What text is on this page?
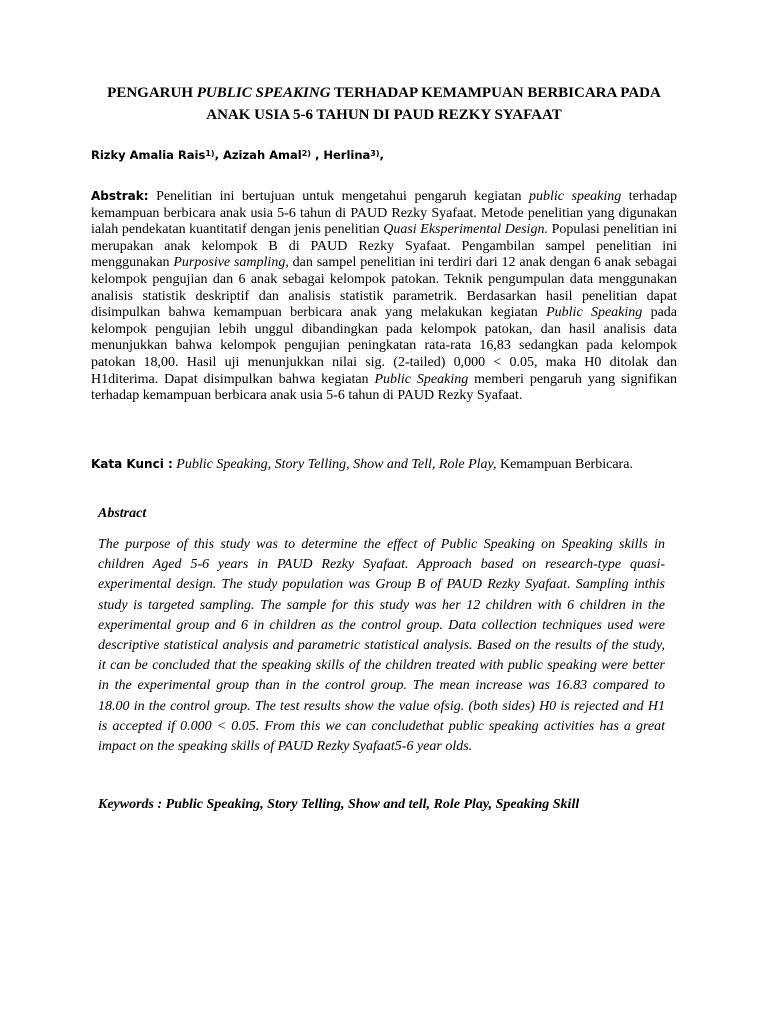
PENGARUH PUBLIC SPEAKING TERHADAP KEMAMPUAN BERBICARA PADA
ANAK USIA 5-6 TAHUN DI PAUD REZKY SYAFAAT
Rizky Amalia Rais$^{1)}$, Azizah Amal$^{2)}$ , Herlina$^{3)}$,
Abstrak: Penelitian ini bertujuan untuk mengetahui pengaruh kegiatan public speaking terhadap kemampuan berbicara anak usia 5-6 tahun di PAUD Rezky Syafaat. Metode penelitian yang digunakan ialah pendekatan kuantitatif dengan jenis penelitian Quasi Eksperimental Design. Populasi penelitian ini merupakan anak kelompok B di PAUD Rezky Syafaat. Pengambilan sampel penelitian ini menggunakan Purposive sampling, dan sampel penelitian ini terdiri dari 12 anak dengan 6 anak sebagai kelompok pengujian dan 6 anak sebagai kelompok patokan. Teknik pengumpulan data menggunakan analisis statistik deskriptif dan analisis statistik parametrik. Berdasarkan hasil penelitian dapat disimpulkan bahwa kemampuan berbicara anak yang melakukan kegiatan Public Speaking pada kelompok pengujian lebih unggul dibandingkan pada kelompok patokan, dan hasil analisis data menunjukkan bahwa kelompok pengujian peningkatan rata-rata 16,83 sedangkan pada kelompok patokan 18,00. Hasil uji menunjukkan nilai sig. (2-tailed) 0,000 < 0.05, maka H0 ditolak dan H1diterima. Dapat disimpulkan bahwa kegiatan Public Speaking memberi pengaruh yang signifikan terhadap kemampuan berbicara anak usia 5-6 tahun di PAUD Rezky Syafaat.
Kata Kunci : Public Speaking, Story Telling, Show and Tell, Role Play, Kemampuan Berbicara.
Abstract
The purpose of this study was to determine the effect of Public Speaking on Speaking skills in children Aged 5-6 years in PAUD Rezky Syafaat. Approach based on research-type quasi-experimental design. The study population was Group B of PAUD Rezky Syafaat. Sampling inthis study is targeted sampling. The sample for this study was her 12 children with 6 children in the experimental group and 6 in children as the control group. Data collection techniques used were descriptive statistical analysis and parametric statistical analysis. Based on the results of the study, it can be concluded that the speaking skills of the children treated with public speaking were better in the experimental group than in the control group. The mean increase was 16.83 compared to 18.00 in the control group. The test results show the value ofsig. (both sides) H0 is rejected and H1 is accepted if 0.000 < 0.05. From this we can concludethat public speaking activities has a great impact on the speaking skills of PAUD Rezky Syafaat5-6 year olds.
Keywords : Public Speaking, Story Telling, Show and tell, Role Play, Speaking Skill
